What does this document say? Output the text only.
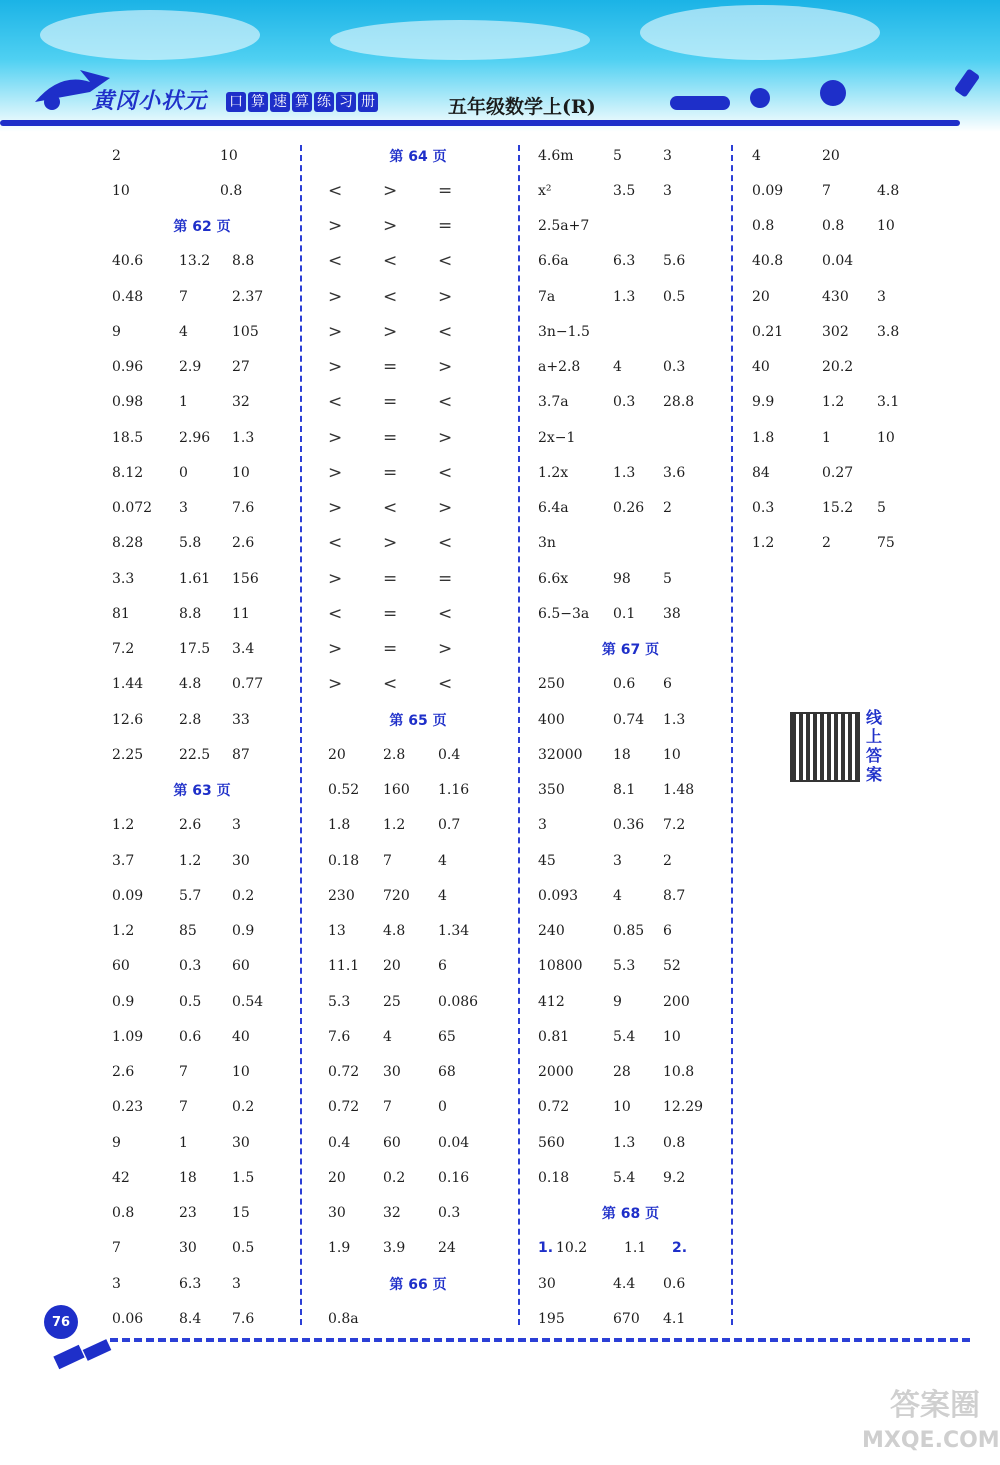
黄冈小状元 口 算 速 算 练 习 册	五年级数学上(R)
2	10
10	0.8
第 62 页
40.6	13.2	8.8
0.48	7	2.37
9	4	105
0.96	2.9	27
0.98	1	32
18.5	2.96	1.3
8.12	0	10
0.072	3	7.6
8.28	5.8	2.6
3.3	1.61	156
81	8.8	11
7.2	17.5	3.4
1.44	4.8	0.77
12.6	2.8	33
2.25	22.5	87
第 63 页
1.2	2.6	3
3.7	1.2	30
0.09	5.7	0.2
1.2	85	0.9
60	0.3	60
0.9	0.5	0.54
1.09	0.6	40
2.6	7	10
0.23	7	0.2
9	1	30
42	18	1.5
0.8	23	15
7	30	0.5
3	6.3	3
0.06	8.4	7.6
第 64 页
<	>	=
>	>	=
<	<	<
>	<	>
>	>	<
>	=	>
<	=	<
>	=	>
>	=	<
>	<	>
<	>	<
>	=	=
<	=	<
>	=	>
>	<	<
第 65 页
20	2.8	0.4
0.52	160	1.16
1.8	1.2	0.7
0.18	7	4
230	720	4
13	4.8	1.34
11.1	20	6
5.3	25	0.086
7.6	4	65
0.72	30	68
0.72	7	0
0.4	60	0.04
20	0.2	0.16
30	32	0.3
1.9	3.9	24
第 66 页
0.8a
4.6m	5	3
x²	3.5	3
2.5a+7
6.6a	6.3	5.6
7a	1.3	0.5
3n−1.5
a+2.8	4	0.3
3.7a	0.3	28.8
2x−1
1.2x	1.3	3.6
6.4a	0.26	2
3n
6.6x	98	5
6.5−3a	0.1	38
第 67 页
250	0.6	6
400	0.74	1.3
32000	18	10
350	8.1	1.48
3	0.36	7.2
45	3	2
0.093	4	8.7
240	0.85	6
10800	5.3	52
412	9	200
0.81	5.4	10
2000	28	10.8
0.72	10	12.29
560	1.3	0.8
0.18	5.4	9.2
第 68 页
1. 10.2	1.1	2.
30	4.4	0.6
195	670	4.1
4	20
0.09	7	4.8
0.8	0.8	10
40.8	0.04
20	430	3
0.21	302	3.8
40	20.2
9.9	1.2	3.1
1.8	1	10
84	0.27
0.3	15.2	5
1.2	2	75
线
上
答
案
76
答案圈
MXQE.COM
